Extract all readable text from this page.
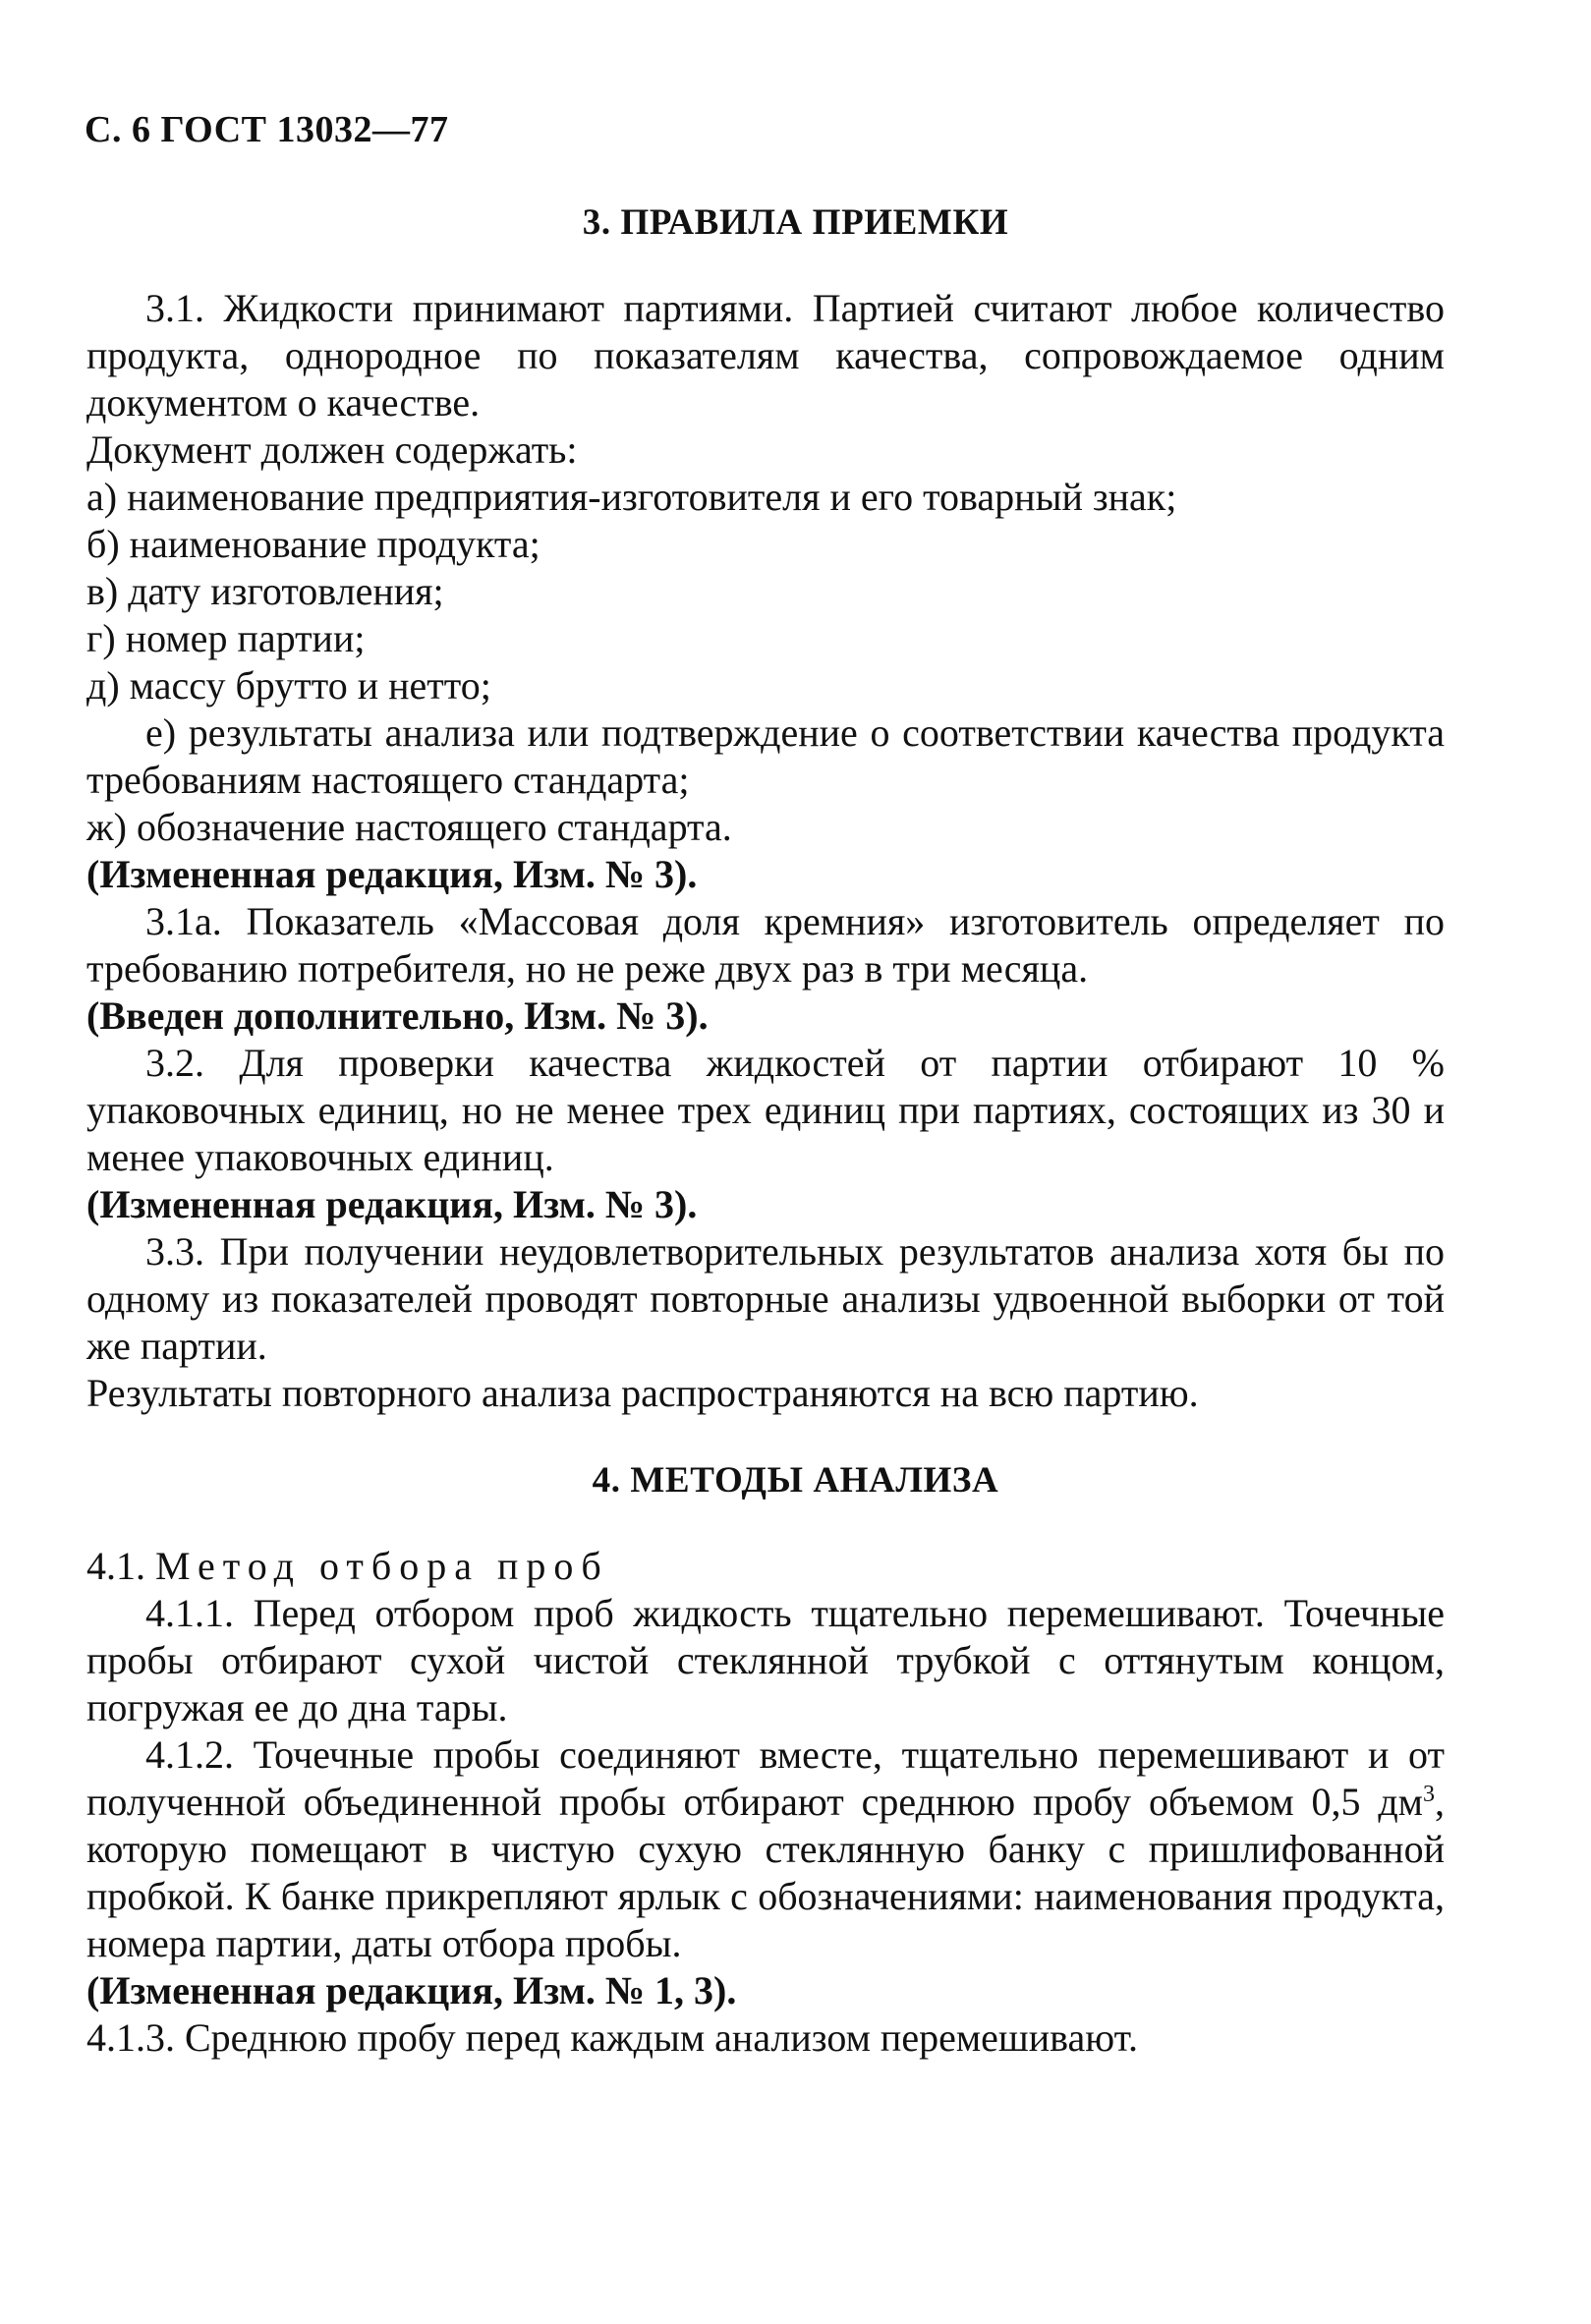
С. 6 ГОСТ 13032—77
3. ПРАВИЛА ПРИЕМКИ

3.1. Жидкости принимают партиями. Партией считают любое количество продукта, однородное по показателям качества, сопровождаемое одним документом о качестве.

Документ должен содержать:

а) наименование предприятия-изготовителя и его товарный знак;

б) наименование продукта;

в) дату изготовления;

г) номер партии;

д) массу брутто и нетто;

е) результаты анализа или подтверждение о соответствии качества продукта требованиям настоящего стандарта;

ж) обозначение настоящего стандарта.

(Измененная редакция, Изм. № 3).

3.1а. Показатель «Массовая доля кремния» изготовитель определяет по требованию потребителя, но не реже двух раз в три месяца.

(Введен дополнительно, Изм. № 3).

3.2. Для проверки качества жидкостей от партии отбирают 10 % упаковочных единиц, но не менее трех единиц при партиях, состоящих из 30 и менее упаковочных единиц.

(Измененная редакция, Изм. № 3).

3.3. При получении неудовлетворительных результатов анализа хотя бы по одному из показателей проводят повторные анализы удвоенной выборки от той же партии.

Результаты повторного анализа распространяются на всю партию.

4. МЕТОДЫ АНАЛИЗА

4.1. Метод отбора проб

4.1.1. Перед отбором проб жидкость тщательно перемешивают. Точечные пробы отбирают сухой чистой стеклянной трубкой с оттянутым концом, погружая ее до дна тары.

4.1.2. Точечные пробы соединяют вместе, тщательно перемешивают и от полученной объединенной пробы отбирают среднюю пробу объемом 0,5 $дм^3$, которую помещают в чистую сухую стеклянную банку с пришлифованной пробкой. К банке прикрепляют ярлык с обозначениями: наименования продукта, номера партии, даты отбора пробы.

(Измененная редакция, Изм. № 1, 3).

4.1.3. Среднюю пробу перед каждым анализом перемешивают.
